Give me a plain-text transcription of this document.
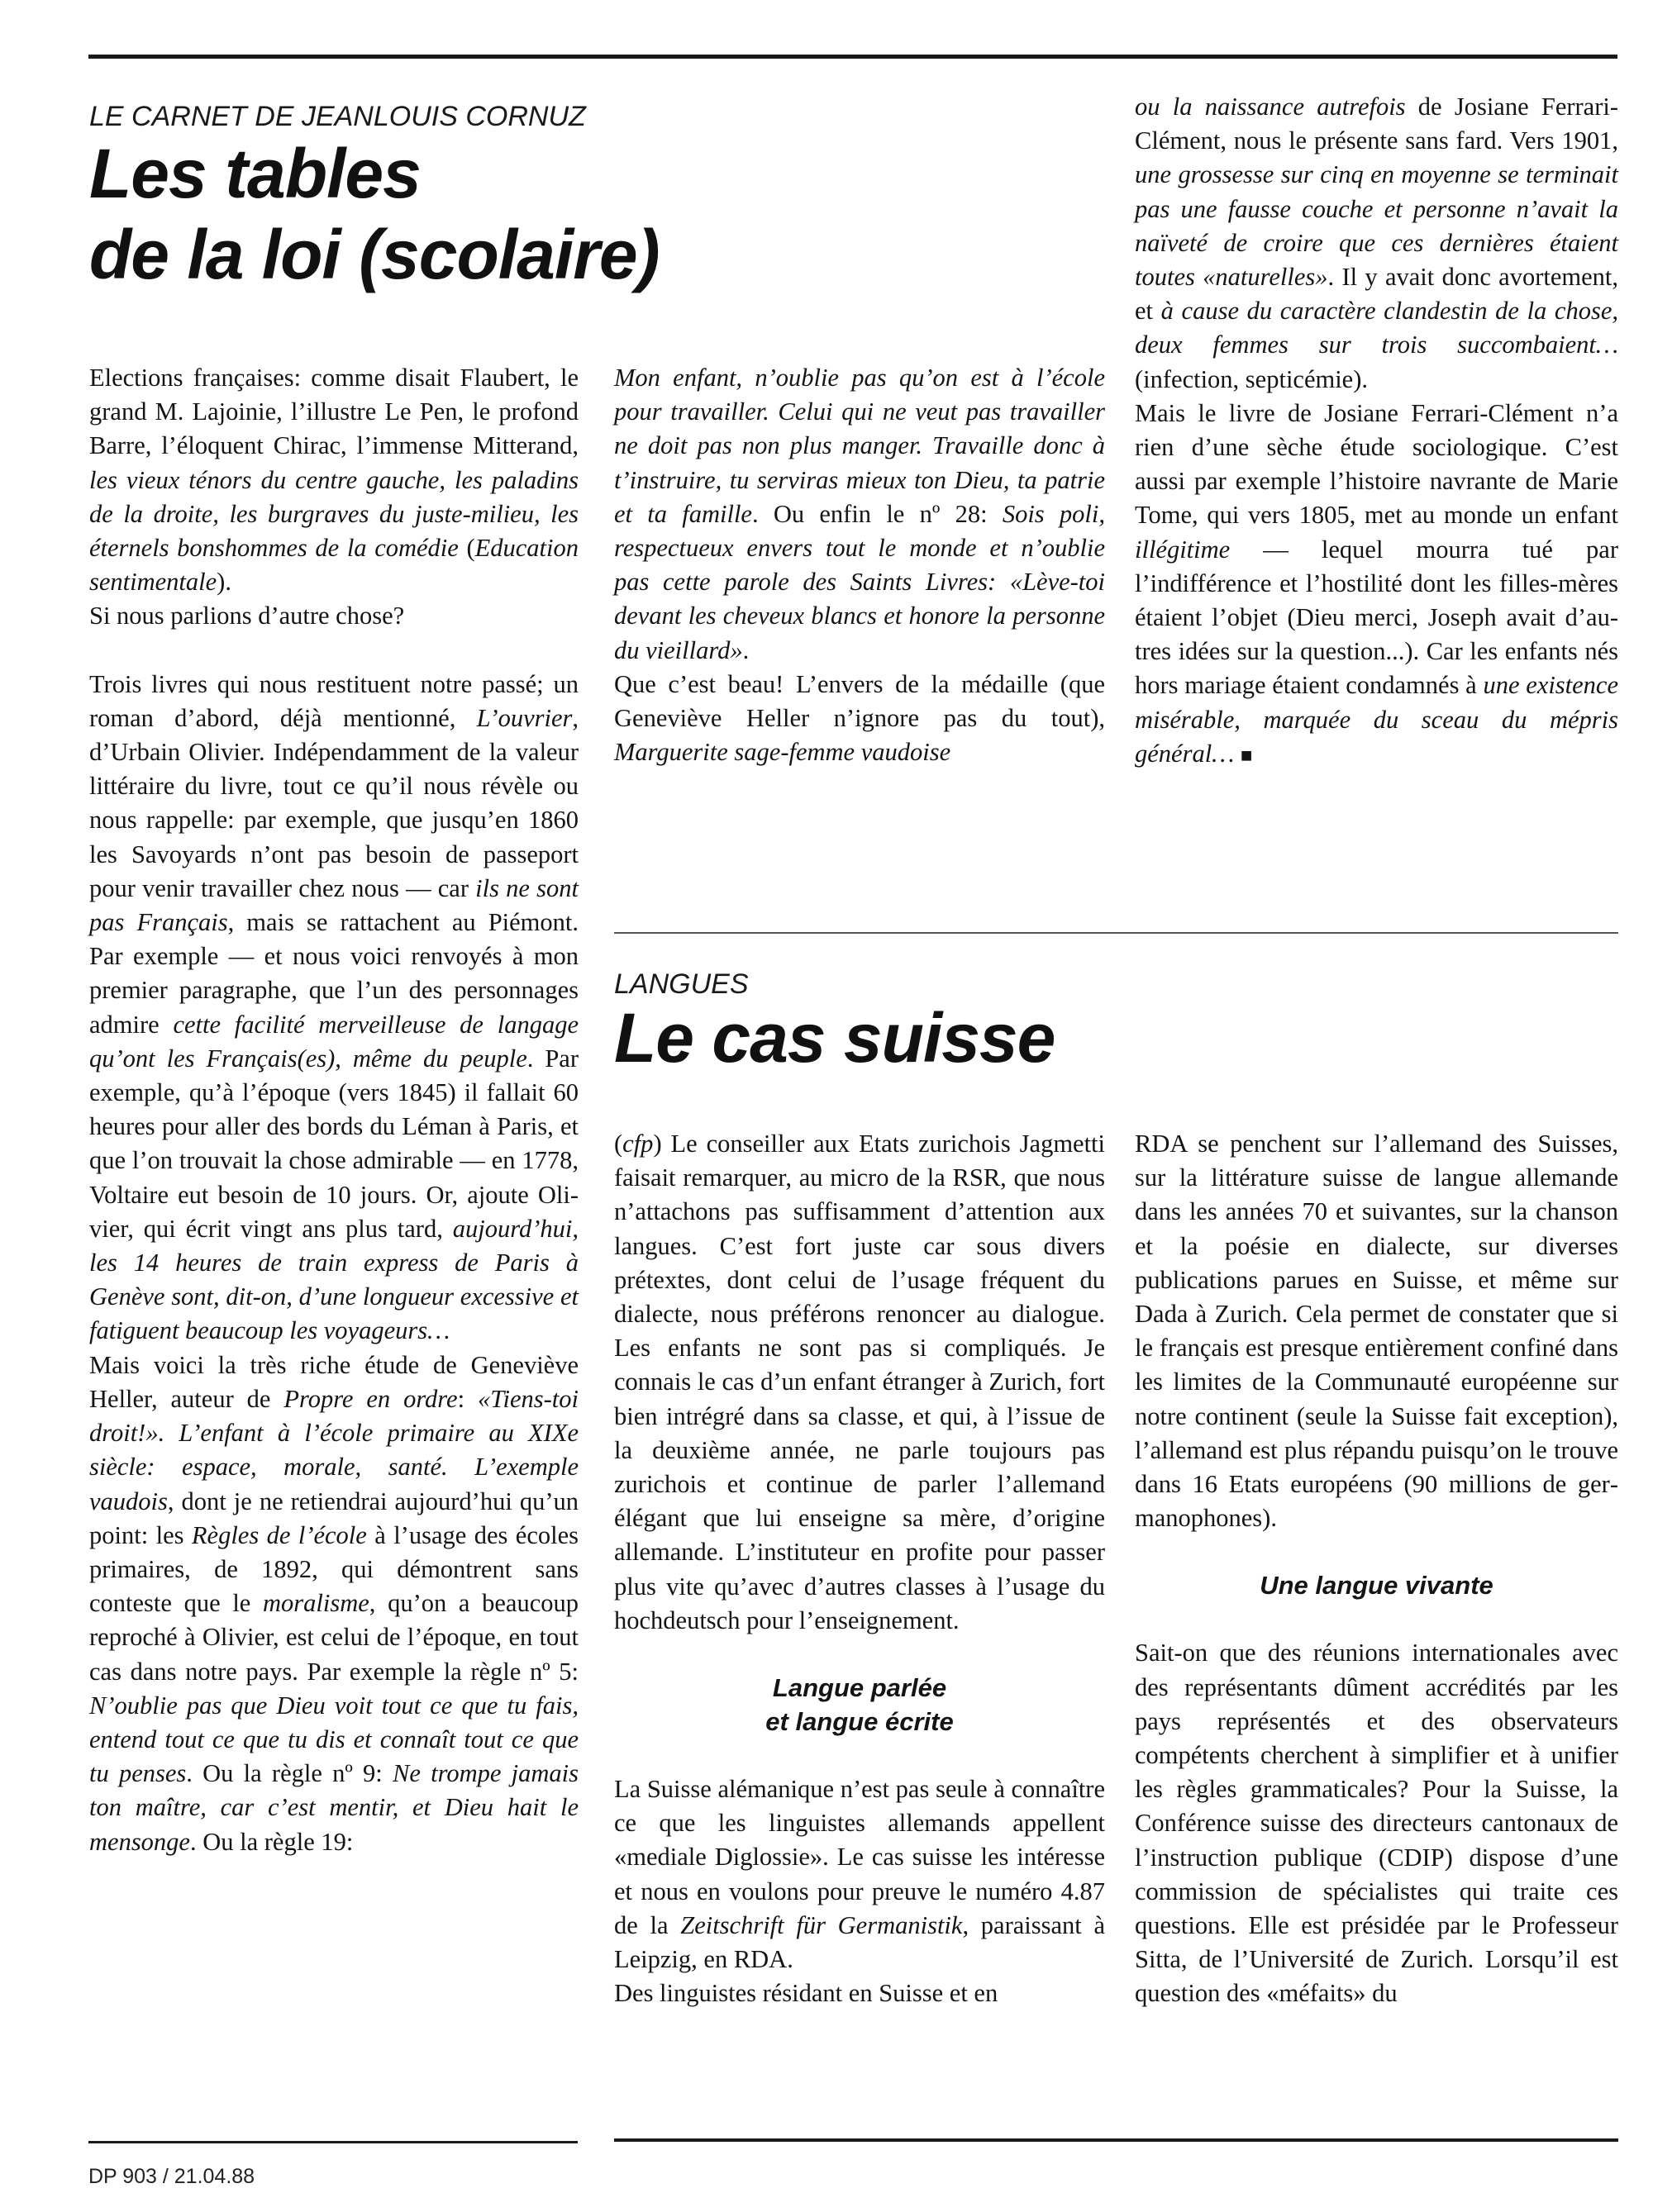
LE CARNET DE JEANLOUIS CORNUZ
Les tables
de la loi (scolaire)

Elections françaises: comme disait Flaubert, le grand M. Lajoinie, l’illustre Le Pen, le profond Barre, l’éloquent Chirac, l’immense Mitterand, les vieux ténors du centre gauche, les paladins de la droite, les burgraves du juste-milieu, les éternels bonshommes de la comédie (Education sentimentale).

Si nous parlions d’autre chose?

Trois livres qui nous restituent notre passé; un roman d’abord, déjà mentionné, L’ouvrier, d’Urbain Olivier. Indépendamment de la valeur littéraire du livre, tout ce qu’il nous révèle ou nous rappelle: par exemple, que jusqu’en 1860 les Savoyards n’ont pas besoin de passeport pour venir travailler chez nous — car ils ne sont pas Français, mais se rattachent au Piémont. Par exemple — et nous voici renvoyés à mon premier paragraphe, que l’un des personnages admire cette facilité merveilleuse de langage qu’ont les Français(es), même du peuple. Par exemple, qu’à l’époque (vers 1845) il fallait 60 heures pour aller des bords du Léman à Paris, et que l’on trouvait la chose admirable — en 1778, Voltaire eut besoin de 10 jours. Or, ajoute Olivier, qui écrit vingt ans plus tard, aujourd’hui, les 14 heures de train express de Paris à Genève sont, dit-on, d’une longueur excessive et fatiguent beaucoup les voyageurs…

Mais voici la très riche étude de Geneviève Heller, auteur de Propre en ordre: «Tiens-toi droit!». L’enfant à l’école primaire au XIXe siècle: espace, morale, santé. L’exemple vaudois, dont je ne retiendrai aujourd’hui qu’un point: les Règles de l’école à l’usage des écoles primaires, de 1892, qui démontrent sans conteste que le moralisme, qu’on a beaucoup reproché à Olivier, est celui de l’époque, en tout cas dans notre pays. Par exemple la règle nº 5: N’oublie pas que Dieu voit tout ce que tu fais, entend tout ce que tu dis et connaît tout ce que tu penses. Ou la règle nº 9: Ne trompe jamais ton maître, car c’est mentir, et Dieu hait le mensonge. Ou la règle 19:

Mon enfant, n’oublie pas qu’on est à l’école pour travailler. Celui qui ne veut pas travailler ne doit pas non plus manger. Travaille donc à t’instruire, tu serviras mieux ton Dieu, ta patrie et ta famille. Ou enfin le nº 28: Sois poli, respectueux envers tout le monde et n’oublie pas cette parole des Saints Livres: «Lève-toi devant les cheveux blancs et honore la personne du vieillard».

Que c’est beau! L’envers de la médaille (que Geneviève Heller n’ignore pas du tout), Marguerite sage-femme vaudoise

ou la naissance autrefois de Josiane Ferrari-Clément, nous le présente sans fard. Vers 1901, une grossesse sur cinq en moyenne se terminait pas une fausse couche et personne n’avait la naïveté de croire que ces dernières étaient toutes «naturelles». Il y avait donc avortement, et à cause du caractère clandestin de la chose, deux femmes sur trois succombaient… (infection, septicémie).

Mais le livre de Josiane Ferrari-Clément n’a rien d’une sèche étude sociologique. C’est aussi par exemple l’histoire navrante de Marie Tome, qui vers 1805, met au monde un enfant illégitime — lequel mourra tué par l’indifférence et l’hostilité dont les filles-mères étaient l’objet (Dieu merci, Joseph avait d’autres idées sur la question...). Car les enfants nés hors mariage étaient condamnés à une existence misérable, marquée du sceau du mépris général… ■

LANGUES
Le cas suisse

(cfp) Le conseiller aux Etats zurichois Jagmetti faisait remarquer, au micro de la RSR, que nous n’attachons pas suffisamment d’attention aux langues. C’est fort juste car sous divers prétextes, dont celui de l’usage fréquent du dialecte, nous préférons renoncer au dialogue. Les enfants ne sont pas si compliqués. Je connais le cas d’un enfant étranger à Zurich, fort bien intrégré dans sa classe, et qui, à l’issue de la deuxième année, ne parle toujours pas zurichois et continue de parler l’allemand élégant que lui enseigne sa mère, d’origine allemande. L’instituteur en profite pour passer plus vite qu’avec d’autres classes à l’usage du hochdeutsch pour l’enseignement.

Langue parlée
et langue écrite

La Suisse alémanique n’est pas seule à connaître ce que les linguistes allemands appellent «mediale Diglossie». Le cas suisse les intéresse et nous en voulons pour preuve le numéro 4.87 de la Zeitschrift für Germanistik, paraissant à Leipzig, en RDA.

Des linguistes résidant en Suisse et en

RDA se penchent sur l’allemand des Suisses, sur la littérature suisse de langue allemande dans les années 70 et suivantes, sur la chanson et la poésie en dialecte, sur diverses publications parues en Suisse, et même sur Dada à Zurich. Cela permet de constater que si le français est presque entièrement confiné dans les limites de la Communauté européenne sur notre continent (seule la Suisse fait exception), l’allemand est plus répandu puisqu’on le trouve dans 16 Etats européens (90 millions de germanophones).

Une langue vivante

Sait-on que des réunions internationales avec des représentants dûment accrédités par les pays représentés et des observateurs compétents cherchent à simplifier et à unifier les règles grammaticales? Pour la Suisse, la Conférence suisse des directeurs cantonaux de l’instruction publique (CDIP) dispose d’une commission de spécialistes qui traite ces questions. Elle est présidée par le Professeur Sitta, de l’Université de Zurich. Lorsqu’il est question des «méfaits» du

DP 903 / 21.04.88
